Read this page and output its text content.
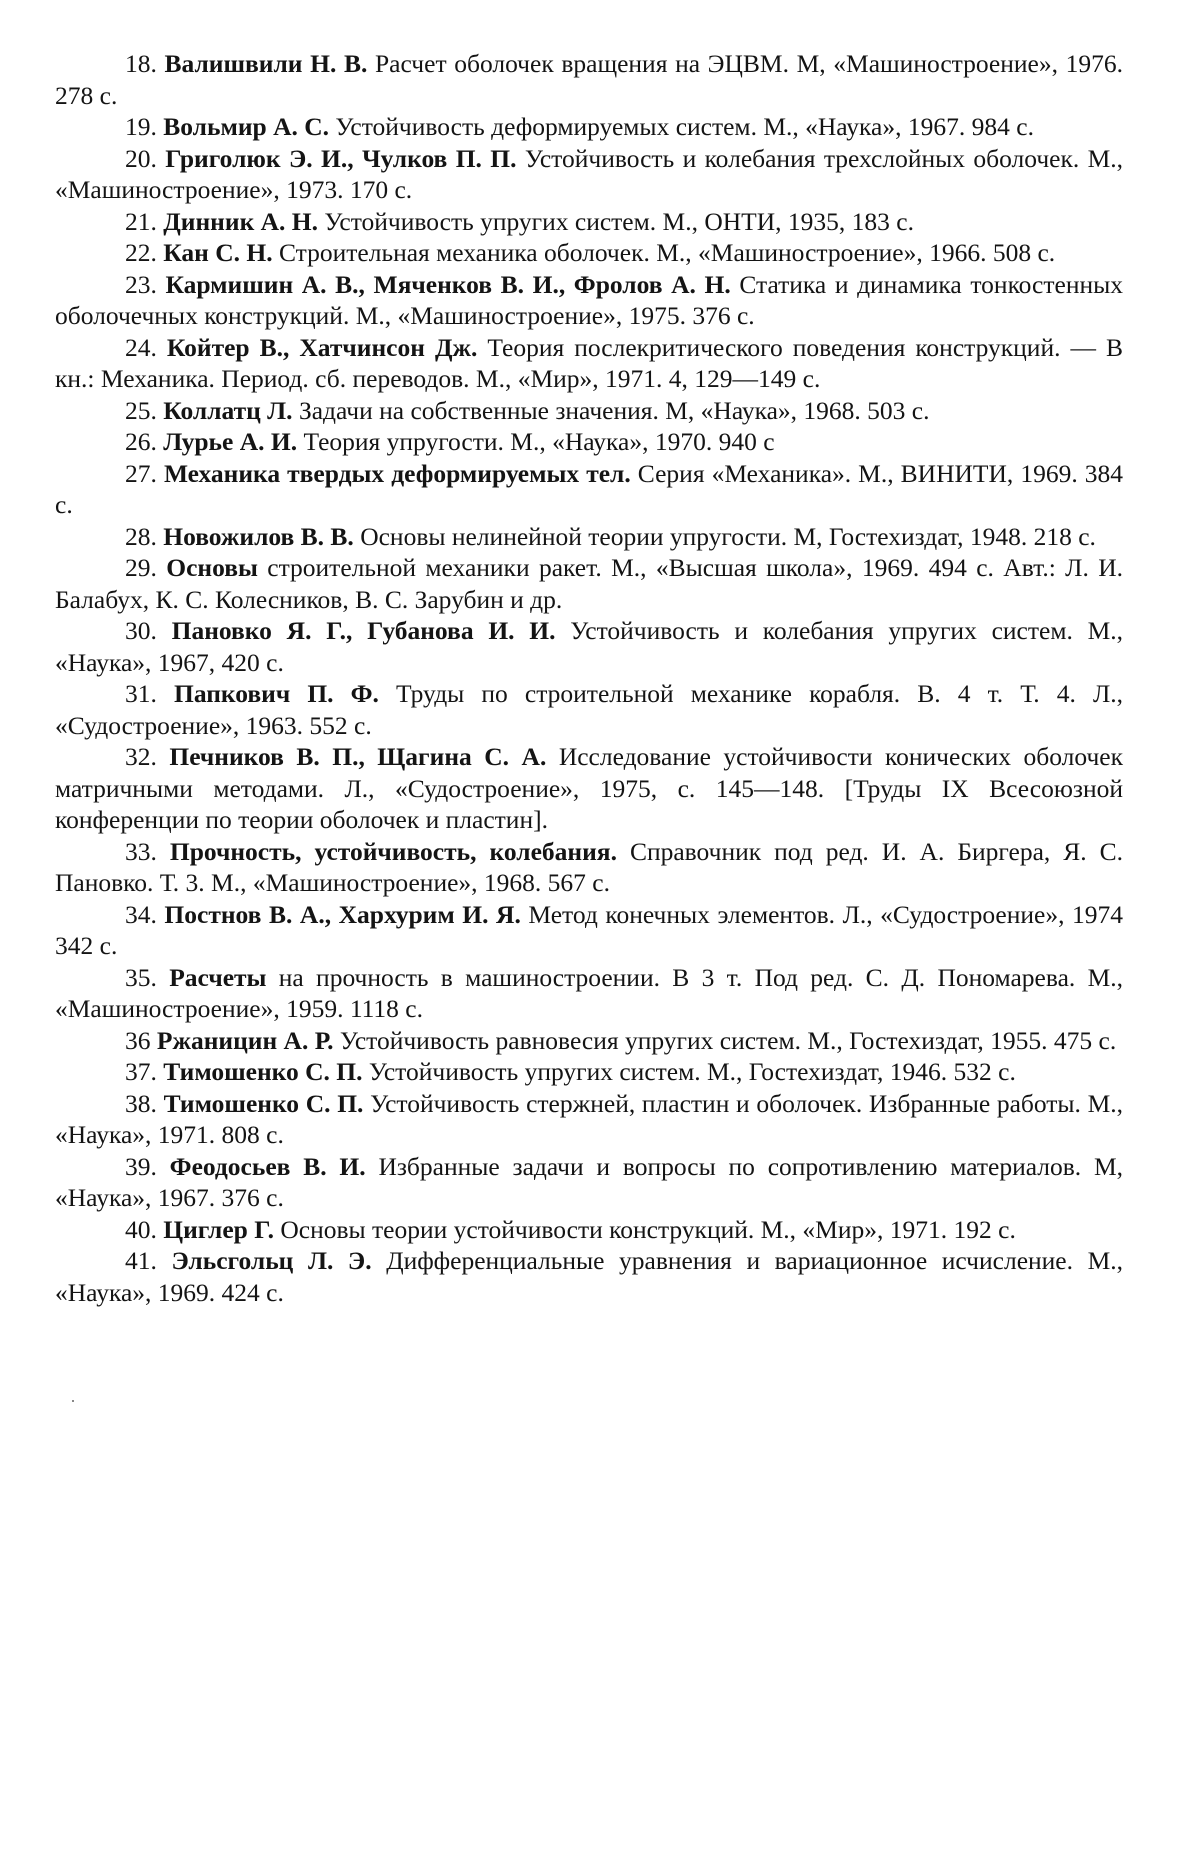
18. Валишвили Н. В. Расчет оболочек вращения на ЭЦВМ. М, «Машиностроение», 1976. 278 с.

19. Вольмир А. С. Устойчивость деформируемых систем. М., «Наука», 1967. 984 с.

20. Григолюк Э. И., Чулков П. П. Устойчивость и колебания трехслойных оболочек. М., «Машиностроение», 1973. 170 с.

21. Динник А. Н. Устойчивость упругих систем. М., ОНТИ, 1935, 183 с.

22. Кан С. Н. Строительная механика оболочек. М., «Машиностроение», 1966. 508 с.

23. Кармишин А. В., Мяченков В. И., Фролов А. Н. Статика и динамика тонкостенных оболочечных конструкций. М., «Машиностроение», 1975. 376 с.

24. Койтер В., Хатчинсон Дж. Теория послекритического поведения конструкций. — В кн.: Механика. Период. сб. переводов. М., «Мир», 1971. 4, 129—149 с.

25. Коллатц Л. Задачи на собственные значения. М, «Наука», 1968. 503 с.

26. Лурье А. И. Теория упругости. М., «Наука», 1970. 940 с

27. Механика твердых деформируемых тел. Серия «Механика». М., ВИНИТИ, 1969. 384 с.

28. Новожилов В. В. Основы нелинейной теории упругости. М, Гостехиздат, 1948. 218 с.

29. Основы строительной механики ракет. М., «Высшая школа», 1969. 494 с. Авт.: Л. И. Балабух, К. С. Колесников, В. С. Зарубин и др.

30. Пановко Я. Г., Губанова И. И. Устойчивость и колебания упругих систем. М., «Наука», 1967, 420 с.

31. Папкович П. Ф. Труды по строительной механике корабля. В. 4 т. Т. 4. Л., «Судостроение», 1963. 552 с.

32. Печников В. П., Щагина С. А. Исследование устойчивости конических оболочек матричными методами. Л., «Судостроение», 1975, с. 145—148. [Труды IX Всесоюзной конференции по теории оболочек и пластин].

33. Прочность, устойчивость, колебания. Справочник под ред. И. А. Биргера, Я. С. Пановко. Т. 3. М., «Машиностроение», 1968. 567 с.

34. Постнов В. А., Хархурим И. Я. Метод конечных элементов. Л., «Судостроение», 1974 342 с.

35. Расчеты на прочность в машиностроении. В 3 т. Под ред. С. Д. Пономарева. М., «Машиностроение», 1959. 1118 с.

36 Ржаницин А. Р. Устойчивость равновесия упругих систем. М., Гостехиздат, 1955. 475 с.

37. Тимошенко С. П. Устойчивость упругих систем. М., Гостехиздат, 1946. 532 с.

38. Тимошенко С. П. Устойчивость стержней, пластин и оболочек. Избранные работы. М., «Наука», 1971. 808 с.

39. Феодосьев В. И. Избранные задачи и вопросы по сопротивлению материалов. М, «Наука», 1967. 376 с.

40. Циглер Г. Основы теории устойчивости конструкций. М., «Мир», 1971. 192 с.

41. Эльсгольц Л. Э. Дифференциальные уравнения и вариационное исчисление. М., «Наука», 1969. 424 с.
